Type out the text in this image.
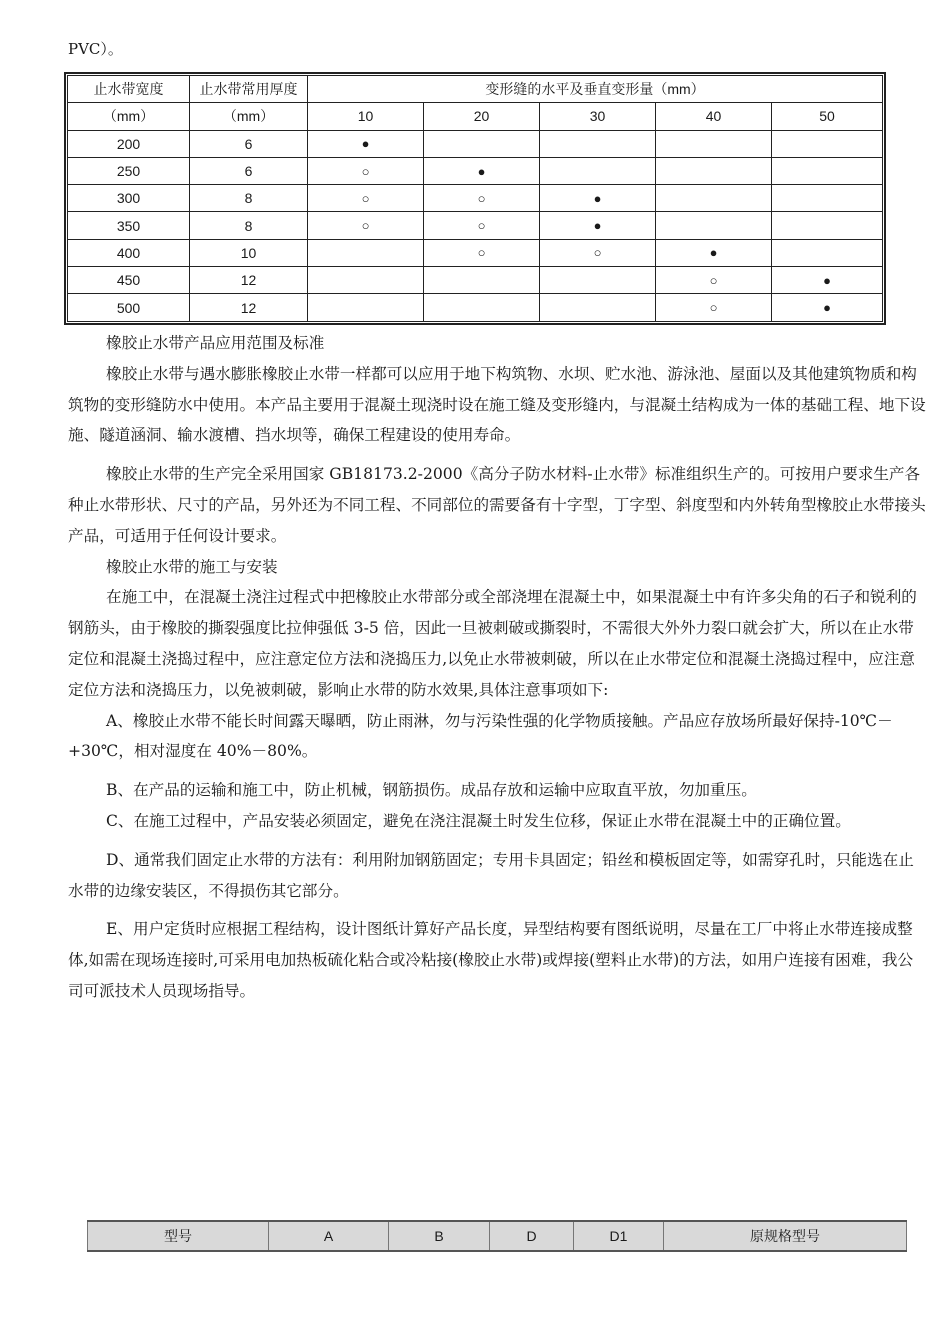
PVC）。
止水带宽度	止水带常用厚度	变形缝的水平及垂直变形量（mm）				
（mm）	（mm）	10	20	30	40	50
200	6	●				
250	6	○	●			
300	8	○	○	●		
350	8	○	○	●		
400	10		○	○	●	
450	12				○	●
500	12				○	●

橡胶止水带产品应用范围及标准

橡胶止水带与遇水膨胀橡胶止水带一样都可以应用于地下构筑物、水坝、贮水池、游泳池、屋面以及其他建筑物质和构筑物的变形缝防水中使用。本产品主要用于混凝土现浇时设在施工缝及变形缝内，与混凝土结构成为一体的基础工程、地下设施、隧道涵洞、输水渡槽、挡水坝等，确保工程建设的使用寿命。

橡胶止水带的生产完全采用国家 GB18173.2-2000《高分子防水材料-止水带》标准组织生产的。可按用户要求生产各种止水带形状、尺寸的产品，另外还为不同工程、不同部位的需要备有十字型，丁字型、斜度型和内外转角型橡胶止水带接头产品，可适用于任何设计要求。

橡胶止水带的施工与安装

在施工中，在混凝土浇注过程式中把橡胶止水带部分或全部浇埋在混凝土中，如果混凝土中有许多尖角的石子和锐利的钢筋头，由于橡胶的撕裂强度比拉伸强低 3-5 倍，因此一旦被刺破或撕裂时，不需很大外外力裂口就会扩大，所以在止水带定位和混凝土浇捣过程中，应注意定位方法和浇捣压力,以免止水带被刺破，所以在止水带定位和混凝土浇捣过程中，应注意定位方法和浇捣压力，以免被刺破，影响止水带的防水效果,具体注意事项如下:

A、橡胶止水带不能长时间露天曝晒，防止雨淋，勿与污染性强的化学物质接触。产品应存放场所最好保持-10℃－+30℃，相对湿度在 40%－80%。

B、在产品的运输和施工中，防止机械，钢筋损伤。成品存放和运输中应取直平放，勿加重压。

C、在施工过程中，产品安装必须固定，避免在浇注混凝土时发生位移，保证止水带在混凝土中的正确位置。

D、通常我们固定止水带的方法有：利用附加钢筋固定；专用卡具固定；铅丝和模板固定等，如需穿孔时，只能选在止水带的边缘安装区，不得损伤其它部分。

E、用户定货时应根据工程结构，设计图纸计算好产品长度，异型结构要有图纸说明，尽量在工厂中将止水带连接成整体,如需在现场连接时,可采用电加热板硫化粘合或冷粘接(橡胶止水带)或焊接(塑料止水带)的方法，如用户连接有困难，我公司可派技术人员现场指导。

型号	A	B	D	D1	原规格型号
